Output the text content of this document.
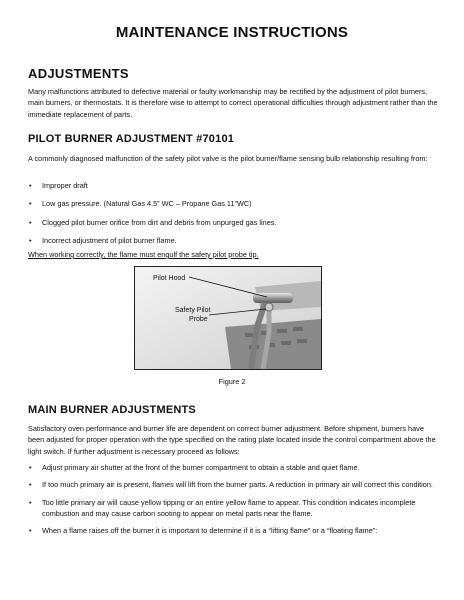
MAINTENANCE INSTRUCTIONS
ADJUSTMENTS
Many malfunctions attributed to defective material or faulty workmanship may be rectified by the adjustment of pilot burners, main burners, or thermostats. It is therefore wise to attempt to correct operational difficulties through adjustment rather than the immediate replacement of parts.
PILOT BURNER ADJUSTMENT #70101
A commonly diagnosed malfunction of the safety pilot valve is the pilot burner/flame sensing bulb relationship resulting from:
• Improper draft
• Low gas pressure. (Natural Gas 4.5” WC – Propane Gas 11”WC)
• Clogged pilot burner orifice from dirt and debris from unpurged gas lines.
• Incorrect adjustment of pilot burner flame.
When working correctly, the flame must engulf the safety pilot probe tip.
Pilot Hood
Safety Pilot
Probe
Figure 2
MAIN BURNER ADJUSTMENTS
Satisfactory oven performance and burner life are dependent on correct burner adjustment. Before shipment, burners have been adjusted for proper operation with the type specified on the rating plate located inside the control compartment above the light switch. If further adjustment is necessary proceed as follows:
• Adjust primary air shutter at the front of the burner compartment to obtain a stable and quiet flame.
• If too much primary air is present, flames will lift from the burner parts. A reduction in primary air will correct this condition.
• Too little primary air will cause yellow tipping or an entire yellow flame to appear. This condition indicates incomplete combustion and may cause carbon sooting to appear on metal parts near the flame.
• When a flame raises off the burner it is important to determine if it is a “lifting flame” or a “floating flame”:
